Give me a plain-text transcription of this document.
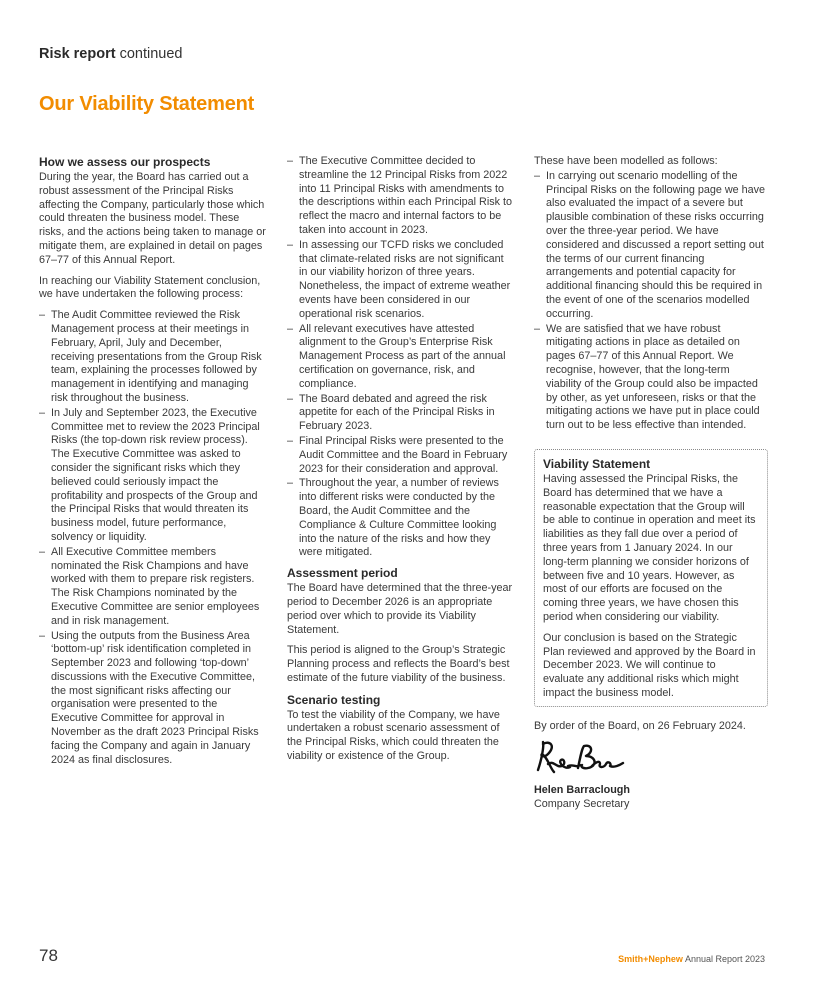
Risk report continued
Our Viability Statement
How we assess our prospects

During the year, the Board has carried out a robust assessment of the Principal Risks affecting the Company, particularly those which could threaten the business model. These risks, and the actions being taken to manage or mitigate them, are explained in detail on pages 67–77 of this Annual Report.

In reaching our Viability Statement conclusion, we have undertaken the following process:

– The Audit Committee reviewed the Risk Management process at their meetings in February, April, July and December, receiving presentations from the Group Risk team, explaining the processes followed by management in identifying and managing risk throughout the business.
– In July and September 2023, the Executive Committee met to review the 2023 Principal Risks (the top-down risk review process). The Executive Committee was asked to consider the significant risks which they believed could seriously impact the profitability and prospects of the Group and the Principal Risks that would threaten its business model, future performance, solvency or liquidity.
– All Executive Committee members nominated the Risk Champions and have worked with them to prepare risk registers. The Risk Champions nominated by the Executive Committee are senior employees and in risk management.
– Using the outputs from the Business Area ‘bottom-up’ risk identification completed in September 2023 and following ‘top-down’ discussions with the Executive Committee, the most significant risks affecting our organisation were presented to the Executive Committee for approval in November as the draft 2023 Principal Risks facing the Company and again in January 2024 as final disclosures.
– The Executive Committee decided to streamline the 12 Principal Risks from 2022 into 11 Principal Risks with amendments to the descriptions within each Principal Risk to reflect the macro and internal factors to be taken into account in 2023.
– In assessing our TCFD risks we concluded that climate-related risks are not significant in our viability horizon of three years. Nonetheless, the impact of extreme weather events have been considered in our operational risk scenarios.
– All relevant executives have attested alignment to the Group’s Enterprise Risk Management Process as part of the annual certification on governance, risk, and compliance.
– The Board debated and agreed the risk appetite for each of the Principal Risks in February 2023.
– Final Principal Risks were presented to the Audit Committee and the Board in February 2023 for their consideration and approval.
– Throughout the year, a number of reviews into different risks were conducted by the Board, the Audit Committee and the Compliance & Culture Committee looking into the nature of the risks and how they were mitigated.
Assessment period

The Board have determined that the three-year period to December 2026 is an appropriate period over which to provide its Viability Statement.

This period is aligned to the Group’s Strategic Planning process and reflects the Board’s best estimate of the future viability of the business.

Scenario testing

To test the viability of the Company, we have undertaken a robust scenario assessment of the Principal Risks, which could threaten the viability or existence of the Group.

These have been modelled as follows:

– In carrying out scenario modelling of the Principal Risks on the following page we have also evaluated the impact of a severe but plausible combination of these risks occurring over the three-year period. We have considered and discussed a report setting out the terms of our current financing arrangements and potential capacity for additional financing should this be required in the event of one of the scenarios modelled occurring.
– We are satisfied that we have robust mitigating actions in place as detailed on pages 67–77 of this Annual Report. We recognise, however, that the long-term viability of the Group could also be impacted by other, as yet unforeseen, risks or that the mitigating actions we have put in place could turn out to be less effective than intended.
Viability Statement

Having assessed the Principal Risks, the Board has determined that we have a reasonable expectation that the Group will be able to continue in operation and meet its liabilities as they fall due over a period of three years from 1 January 2024. In our long-term planning we consider horizons of between five and 10 years. However, as most of our efforts are focused on the coming three years, we have chosen this period when considering our viability.

Our conclusion is based on the Strategic Plan reviewed and approved by the Board in December 2023. We will continue to evaluate any additional risks which might impact the business model.

By order of the Board, on 26 February 2024.

Helen Barraclough
Company Secretary
78	Smith+Nephew Annual Report 2023
